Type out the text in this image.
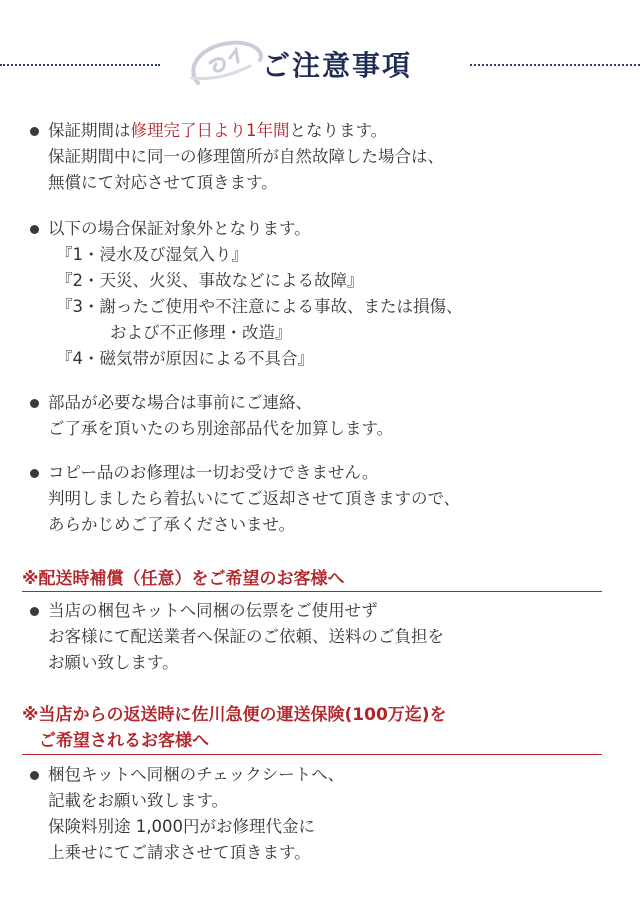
ご注意事項
保証期間は修理完了日より1年間となります。
保証期間中に同一の修理箇所が自然故障した場合は、
無償にて対応させて頂きます。
以下の場合保証対象外となります。
『1・浸水及び湿気入り』
『2・天災、火災、事故などによる故障』
『3・謝ったご使用や不注意による事故、または損傷、
および不正修理・改造』
『4・磁気帯が原因による不具合』
部品が必要な場合は事前にご連絡、
ご了承を頂いたのち別途部品代を加算します。
コピー品のお修理は一切お受けできません。
判明しましたら着払いにてご返却させて頂きますので、
あらかじめご了承くださいませ。
※配送時補償（任意）をご希望のお客様へ
当店の梱包キットへ同梱の伝票をご使用せず
お客様にて配送業者へ保証のご依頼、送料のご負担を
お願い致します。
※当店からの返送時に佐川急便の運送保険(100万迄)を
　ご希望されるお客様へ
梱包キットへ同梱のチェックシートへ、
記載をお願い致します。
保険料別途 1,000円がお修理代金に
上乗せにてご請求させて頂きます。
